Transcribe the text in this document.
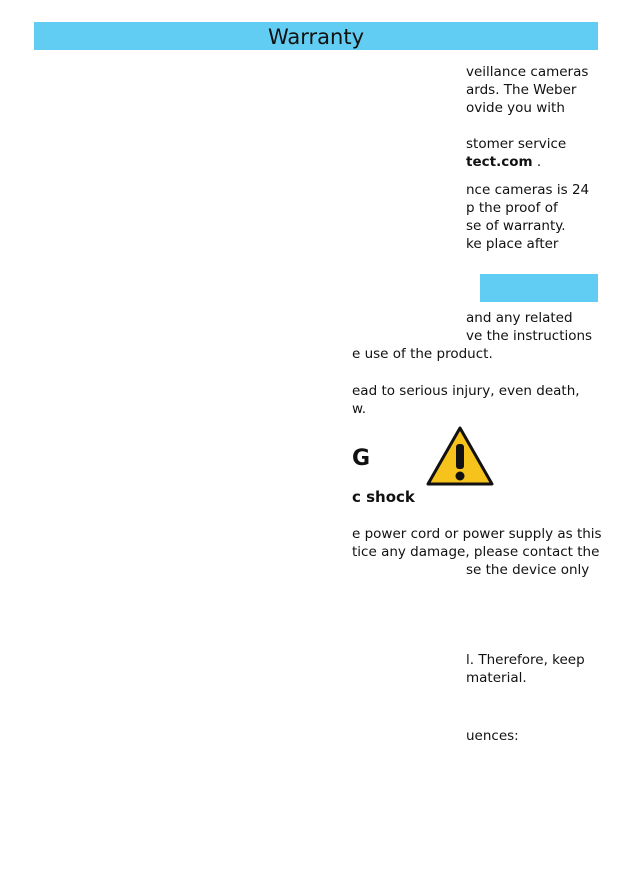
Warranty
veillance cameras
ards. The Weber
ovide you with
stomer service
tect.com .
nce cameras is 24
p the proof of
se of warranty.
ke place after
and any related
ve the instructions
e use of the product.
ead to serious injury, even death,
w.
G
c shock
e power cord or power supply as this
tice any damage, please contact the
se the device only
l. Therefore, keep
material.
uences:
